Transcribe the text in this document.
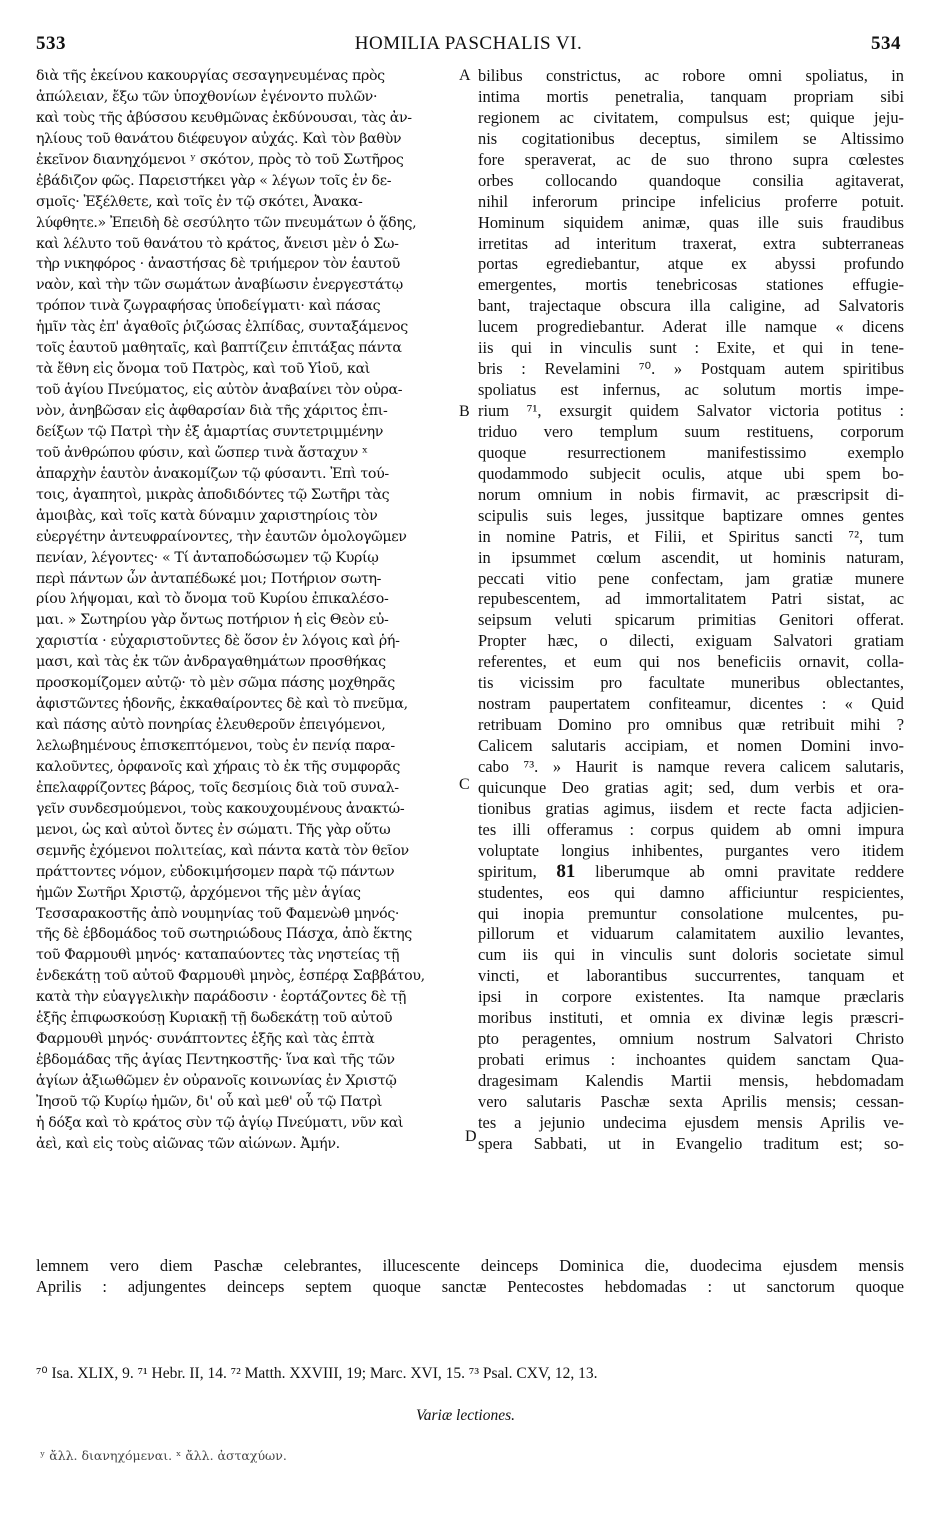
533	HOMILIA PASCHALIS VI.	534
διὰ τῆς ἐκείνου κακουργίας σεσαγηνευμένας πρὸς
ἀπώλειαν, ἔξω τῶν ὑποχθονίων ἐγένοντο πυλῶν·
καὶ τοὺς τῆς ἀβύσσου κευθμῶνας ἐκδύνουσαι, τὰς ἀν-
ηλίους τοῦ θανάτου διέφευγον αὐχάς. Καὶ τὸν βαθὺν
ἐκεῖνον διανηχόμενοι ʸ σκότον, πρὸς τὸ τοῦ Σωτῆρος
ἐβάδιζον φῶς. Παρειστήκει γὰρ « λέγων τοῖς ἐν δε-
σμοῖς· Ἐξέλθετε, καὶ τοῖς ἐν τῷ σκότει, Ἀνακα-
λύφθητε.» Ἐπειδὴ δὲ σεσύλητο τῶν πνευμάτων ὁ ᾅδης,
καὶ λέλυτο τοῦ θανάτου τὸ κράτος, ἄνεισι μὲν ὁ Σω-
τὴρ νικηφόρος · ἀναστήσας δὲ τριήμερον τὸν ἑαυτοῦ
ναὸν, καὶ τὴν τῶν σωμάτων ἀναβίωσιν ἐνεργεστάτῳ
τρόπον τινὰ ζωγραφήσας ὑποδείγματι· καὶ πάσας
ἡμῖν τὰς ἐπ' ἀγαθοῖς ῥιζώσας ἐλπίδας, συνταξάμενος
τοῖς ἑαυτοῦ μαθηταῖς, καὶ βαπτίζειν ἐπιτάξας πάντα
τὰ ἔθνη εἰς ὄνομα τοῦ Πατρὸς, καὶ τοῦ Υἱοῦ, καὶ
τοῦ ἁγίου Πνεύματος, εἰς αὐτὸν ἀναβαίνει τὸν οὐρα-
νὸν, ἀνηβῶσαν εἰς ἀφθαρσίαν διὰ τῆς χάριτος ἐπι-
δείξων τῷ Πατρὶ τὴν ἐξ ἁμαρτίας συντετριμμένην
τοῦ ἀνθρώπου φύσιν, καὶ ὥσπερ τινὰ ἄσταχυν ˣ
ἀπαρχὴν ἑαυτὸν ἀνακομίζων τῷ φύσαντι. Ἐπὶ τού-
τοις, ἀγαπητοὶ, μικρὰς ἀποδιδόντες τῷ Σωτῆρι τὰς
ἀμοιβὰς, καὶ τοῖς κατὰ δύναμιν χαριστηρίοις τὸν
εὐεργέτην ἀντευφραίνοντες, τὴν ἑαυτῶν ὁμολογῶμεν
πενίαν, λέγοντες· « Τί ἀνταποδώσωμεν τῷ Κυρίῳ
περὶ πάντων ὧν ἀνταπέδωκέ μοι; Ποτήριον σωτη-
ρίου λήψομαι, καὶ τὸ ὄνομα τοῦ Κυρίου ἐπικαλέσο-
μαι. » Σωτηρίου γὰρ ὄντως ποτήριον ἡ εἰς Θεὸν εὐ-
χαριστία · εὐχαριστοῦντες δὲ ὅσον ἐν λόγοις καὶ ῥή-
μασι, καὶ τὰς ἐκ τῶν ἀνδραγαθημάτων προσθήκας
προσκομίζομεν αὐτῷ· τὸ μὲν σῶμα πάσης μοχθηρᾶς
ἀφιστῶντες ἡδονῆς, ἐκκαθαίροντες δὲ καὶ τὸ πνεῦμα,
καὶ πάσης αὐτὸ πονηρίας ἐλευθεροῦν ἐπειγόμενοι,
λελωβημένους ἐπισκεπτόμενοι, τοὺς ἐν πενίᾳ παρα-
καλοῦντες, ὀρφανοῖς καὶ χήραις τὸ ἐκ τῆς συμφορᾶς
ἐπελαφρίζοντες βάρος, τοῖς δεσμίοις διὰ τοῦ συναλ-
γεῖν συνδεσμούμενοι, τοὺς κακουχουμένους ἀνακτώ-
μενοι, ὡς καὶ αὐτοὶ ὄντες ἐν σώματι. Τῆς γὰρ οὕτω
σεμνῆς ἐχόμενοι πολιτείας, καὶ πάντα κατὰ τὸν θεῖον
πράττοντες νόμον, εὐδοκιμήσομεν παρὰ τῷ πάντων
ἡμῶν Σωτῆρι Χριστῷ, ἀρχόμενοι τῆς μὲν ἁγίας
Τεσσαρακοστῆς ἀπὸ νουμηνίας τοῦ Φαμενὼθ μηνός·
τῆς δὲ ἑβδομάδος τοῦ σωτηριώδους Πάσχα, ἀπὸ ἕκτης
τοῦ Φαρμουθὶ μηνός· καταπαύοντες τὰς νηστείας τῇ
ἑνδεκάτῃ τοῦ αὐτοῦ Φαρμουθὶ μηνὸς, ἑσπέρᾳ Σαββάτου,
κατὰ τὴν εὐαγγελικὴν παράδοσιν · ἑορτάζοντες δὲ τῇ
ἑξῆς ἐπιφωσκούσῃ Κυριακῇ τῇ δωδεκάτῃ τοῦ αὐτοῦ
Φαρμουθὶ μηνός· συνάπτοντες ἑξῆς καὶ τὰς ἑπτὰ
ἑβδομάδας τῆς ἁγίας Πεντηκοστῆς· ἵνα καὶ τῆς τῶν
ἁγίων ἀξιωθῶμεν ἐν οὐρανοῖς κοινωνίας ἐν Χριστῷ
Ἰησοῦ τῷ Κυρίῳ ἡμῶν, δι' οὗ καὶ μεθ' οὗ τῷ Πατρὶ
ἡ δόξα καὶ τὸ κράτος σὺν τῷ ἁγίῳ Πνεύματι, νῦν καὶ
ἀεὶ, καὶ εἰς τοὺς αἰῶνας τῶν αἰώνων. Ἀμήν.
bilibus constrictus, ac robore omni spoliatus, in
intima mortis penetralia, tanquam propriam sibi
regionem ac civitatem, compulsus est; quique jeju-
nis cogitationibus deceptus, similem se Altissimo
fore speraverat, ac de suo throno supra cœlestes
orbes collocando quandoque consilia agitaverat,
nihil inferorum principe infelicius proferre potuit.
Hominum siquidem animæ, quas ille suis fraudibus
irretitas ad interitum traxerat, extra subterraneas
portas egrediebantur, atque ex abyssi profundo
emergentes, mortis tenebricosas stationes effugie-
bant, trajectaque obscura illa caligine, ad Salvatoris
lucem progrediebantur. Aderat ille namque « dicens
iis qui in vinculis sunt : Exite, et qui in tene-
bris : Revelamini ⁷⁰. » Postquam autem spiritibus
spoliatus est infernus, ac solutum mortis impe-
rium ⁷¹, exsurgit quidem Salvator victoria potitus :
triduo vero templum suum restituens, corporum
quoque resurrectionem manifestissimo exemplo
quodammodo subjecit oculis, atque ubi spem bo-
norum omnium in nobis firmavit, ac præscripsit di-
scipulis suis leges, jussitque baptizare omnes gentes
in nomine Patris, et Filii, et Spiritus sancti ⁷², tum
in ipsummet cœlum ascendit, ut hominis naturam,
peccati vitio pene confectam, jam gratiæ munere
repubescentem, ad immortalitatem Patri sistat, ac
seipsum veluti spicarum primitias Genitori offerat.
Propter hæc, o dilecti, exiguam Salvatori gratiam
referentes, et eum qui nos beneficiis ornavit, colla-
tis vicissim pro facultate muneribus oblectantes,
nostram paupertatem confiteamur, dicentes : « Quid
retribuam Domino pro omnibus quæ retribuit mihi ?
Calicem salutaris accipiam, et nomen Domini invo-
cabo ⁷³. » Haurit is namque revera calicem salutaris,
quicunque Deo gratias agit; sed, dum verbis et ora-
tionibus gratias agimus, iisdem et recte facta adjicien-
tes illi offeramus : corpus quidem ab omni impura
voluptate longius inhibentes, purgantes vero itidem
spiritum, 81 liberumque ab omni pravitate reddere
studentes, eos qui damno afficiuntur respicientes,
qui inopia premuntur consolatione mulcentes, pu-
pillorum et viduarum calamitatem auxilio levantes,
cum iis qui in vinculis sunt doloris societate simul
vincti, et laborantibus succurrentes, tanquam et
ipsi in corpore existentes. Ita namque præclaris
moribus instituti, et omnia ex divinæ legis præscri-
pto peragentes, omnium nostrum Salvatori Christo
probati erimus : inchoantes quidem sanctam Qua-
dragesimam Kalendis Martii mensis, hebdomadam
vero salutaris Paschæ sexta Aprilis mensis; cessan-
tes a jejunio undecima ejusdem mensis Aprilis ve-
spera Sabbati, ut in Evangelio traditum est; so-
A
B
C
D
lemnem vero diem Paschæ celebrantes, illucescente deinceps Dominica die, duodecima ejusdem mensis
Aprilis : adjungentes deinceps septem quoque sanctæ Pentecostes hebdomadas : ut sanctorum quoque
⁷⁰ Isa. XLIX, 9. ⁷¹ Hebr. II, 14. ⁷² Matth. XXVIII, 19; Marc. XVI, 15. ⁷³ Psal. CXV, 12, 13.
Variæ lectiones.
ʸ ἄλλ. διανηχόμεναι. ˣ ἄλλ. ἀσταχύων.
